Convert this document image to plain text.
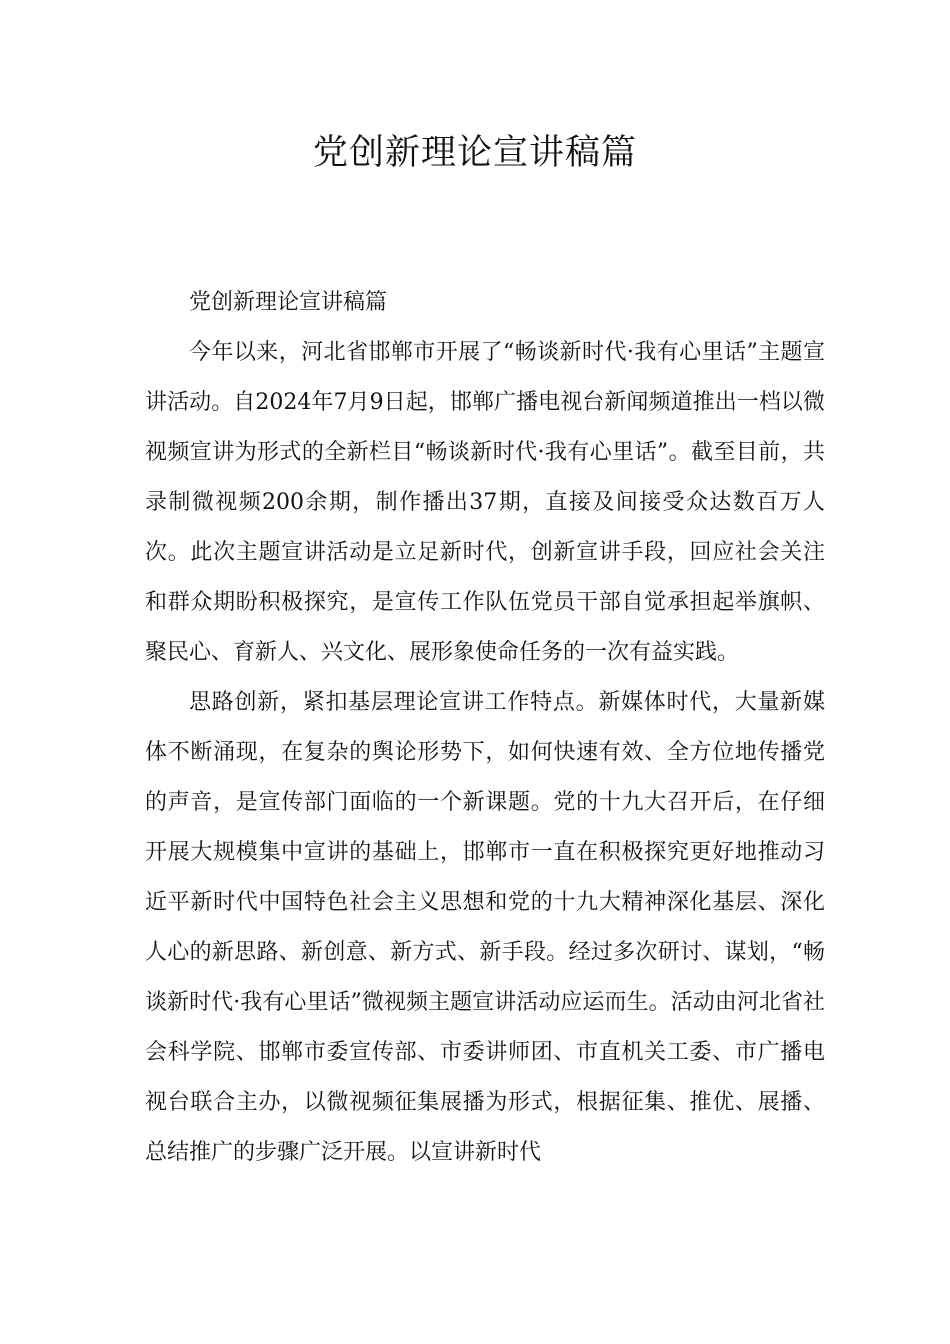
党创新理论宣讲稿篇

党创新理论宣讲稿篇

今年以来，河北省邯郸市开展了“畅谈新时代·我有心里话”主题宣讲活动。自2024年7月9日起，邯郸广播电视台新闻频道推出一档以微视频宣讲为形式的全新栏目“畅谈新时代·我有心里话”。截至目前，共录制微视频200余期，制作播出37期，直接及间接受众达数百万人次。此次主题宣讲活动是立足新时代，创新宣讲手段，回应社会关注和群众期盼积极探究，是宣传工作队伍党员干部自觉承担起举旗帜、聚民心、育新人、兴文化、展形象使命任务的一次有益实践。

思路创新，紧扣基层理论宣讲工作特点。新媒体时代，大量新媒体不断涌现，在复杂的舆论形势下，如何快速有效、全方位地传播党的声音，是宣传部门面临的一个新课题。党的十九大召开后，在仔细开展大规模集中宣讲的基础上，邯郸市一直在积极探究更好地推动习近平新时代中国特色社会主义思想和党的十九大精神深化基层、深化人心的新思路、新创意、新方式、新手段。经过多次研讨、谋划，“畅谈新时代·我有心里话”微视频主题宣讲活动应运而生。活动由河北省社会科学院、邯郸市委宣传部、市委讲师团、市直机关工委、市广播电视台联合主办，以微视频征集展播为形式，根据征集、推优、展播、总结推广的步骤广泛开展。以宣讲新时代
